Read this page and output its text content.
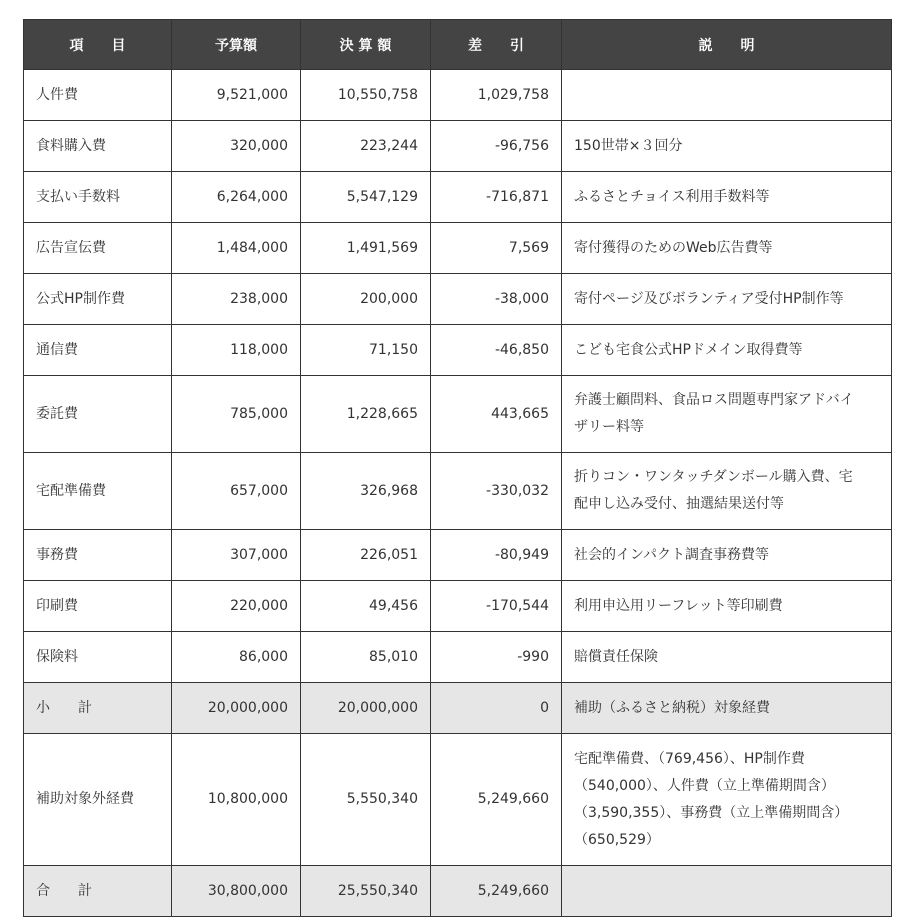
項　　目	予算額	決 算 額	差　　引	説　　明
人件費	9,521,000	10,550,758	1,029,758	

食料購入費	320,000	223,244	-96,756	150世帯×３回分

支払い手数料	6,264,000	5,547,129	-716,871	ふるさとチョイス利用手数料等

広告宣伝費	1,484,000	1,491,569	7,569	寄付獲得のためのWeb広告費等

公式HP制作費	238,000	200,000	-38,000	寄付ページ及びボランティア受付HP制作等

通信費	118,000	71,150	-46,850	こども宅食公式HPドメイン取得費等

委託費	785,000	1,228,665	443,665	弁護士顧問料、食品ロス問題専門家アドバイ
ザリー料等

宅配準備費	657,000	326,968	-330,032	折りコン・ワンタッチダンボール購入費、宅
配申し込み受付、抽選結果送付等

事務費	307,000	226,051	-80,949	社会的インパクト調査事務費等

印刷費	220,000	49,456	-170,544	利用申込用リーフレット等印刷費

保険料	86,000	85,010	-990	賠償責任保険

小　　計	20,000,000	20,000,000	0	補助（ふるさと納税）対象経費

補助対象外経費	10,800,000	5,550,340	5,249,660	宅配準備費、（769,456）、HP制作費
（540,000）、人件費（立上準備期間含）
（3,590,355）、事務費（立上準備期間含）
（650,529）

合　　計	30,800,000	25,550,340	5,249,660	
